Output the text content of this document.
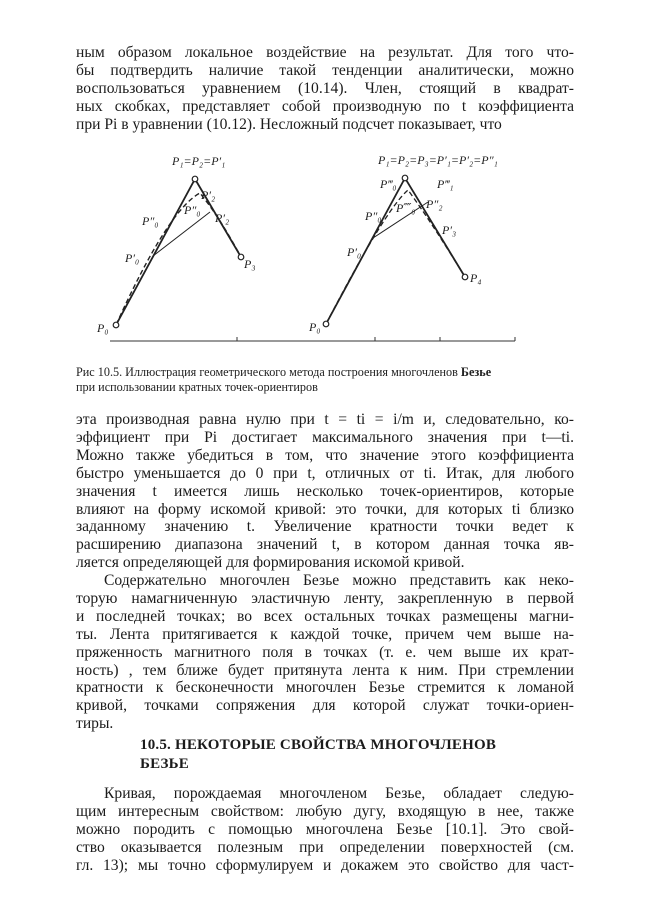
ным образом локальное воздействие на результат. Для того что-
бы подтвердить наличие такой тенденции аналитически, можно
воспользоваться уравнением (10.14). Член, стоящий в квадрат-
ных скобках, представляет собой производную по t коэффициента
при Pi в уравнении (10.12). Несложный подсчет показывает, что
P₁=P₂=P′₁
P₀
P′₀
P″₀
P″₀
P′₂
P′₂
P₃
P₁=P₂=P₃=P′₁=P′₂=P″₁
P₀
P′₀
P″₀
P‴₀
P⁗₀
P‴₁
P″₂
P′₃
P₄
Рис 10.5. Иллюстрация геометрического метода построения многочленов Безье
при использовании кратных точек-ориентиров
эта производная равна нулю при t = ti = i/m и, следовательно, ко-
эффициент при Pi достигает максимального значения при t—ti.
Можно также убедиться в том, что значение этого коэффициента
быстро уменьшается до 0 при t, отличных от ti. Итак, для любого
значения t имеется лишь несколько точек-ориентиров, которые
влияют на форму искомой кривой: это точки, для которых ti близко
заданному значению t. Увеличение кратности точки ведет к
расширению диапазона значений t, в котором данная точка яв-
ляется определяющей для формирования искомой кривой.
Содержательно многочлен Безье можно представить как неко-
торую намагниченную эластичную ленту, закрепленную в первой
и последней точках; во всех остальных точках размещены магни-
ты. Лента притягивается к каждой точке, причем чем выше на-
пряженность магнитного поля в точках (т. е. чем выше их крат-
ность) , тем ближе будет притянута лента к ним. При стремлении
кратности к бесконечности многочлен Безье стремится к ломаной
кривой, точками сопряжения для которой служат точки-ориен-
тиры.
10.5. НЕКОТОРЫЕ СВОЙСТВА МНОГОЧЛЕНОВ
БЕЗЬЕ
Кривая, порождаемая многочленом Безье, обладает следую-
щим интересным свойством: любую дугу, входящую в нее, также
можно породить с помощью многочлена Безье [10.1]. Это свой-
ство оказывается полезным при определении поверхностей (см.
гл. 13); мы точно сформулируем и докажем это свойство для част-
